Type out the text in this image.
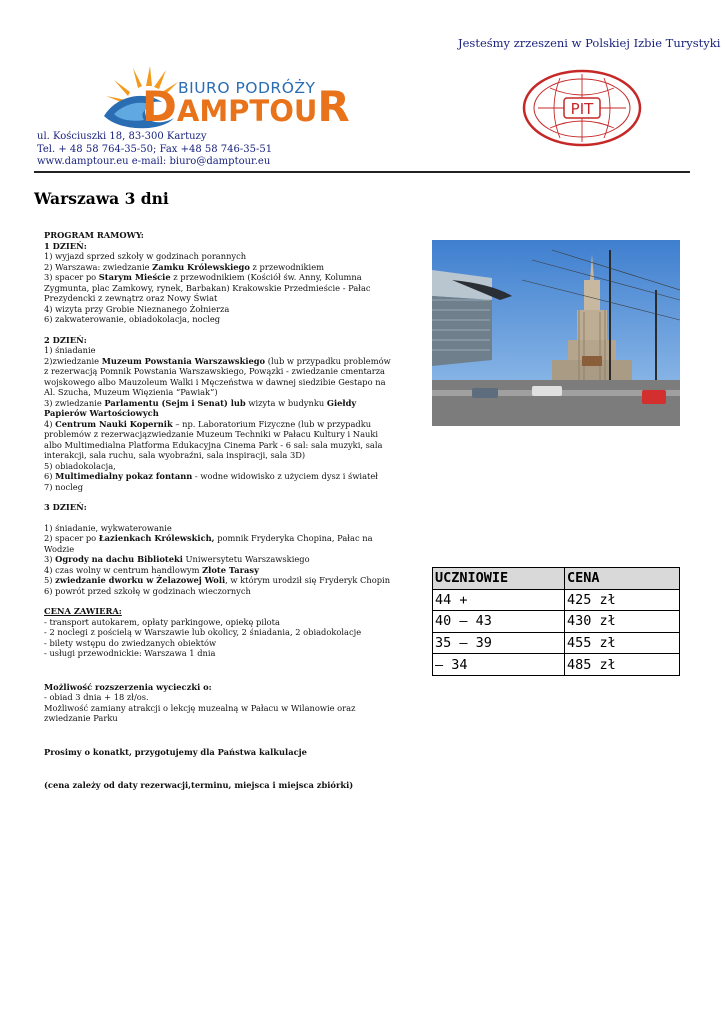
Jesteśmy zrzeszeni w Polskiej Izbie Turystyki
BIURO PODRÓŻY
DAMPTOUR	PIT
ul. Kościuszki 18, 83-300 Kartuzy
Tel. + 48 58 764-35-50; Fax +48 58 746-35-51
www.damptour.eu e-mail: biuro@damptour.eu
Warszawa 3 dni

PROGRAM RAMOWY:

1 DZIEŃ:

1) wyjazd sprzed szkoły w godzinach porannych

2) Warszawa: zwiedzanie Zamku Królewskiego z przewodnikiem

3) spacer po Starym Mieście z przewodnikiem (Kościół św. Anny, Kolumna Zygmunta, plac Zamkowy, rynek, Barbakan) Krakowskie Przedmieście - Pałac Prezydencki z zewnątrz oraz Nowy Świat

4) wizyta przy Grobie Nieznanego Żołnierza

6) zakwaterowanie, obiadokolacja, nocleg

2 DZIEŃ:

1) śniadanie

2)zwiedzanie Muzeum Powstania Warszawskiego (lub w przypadku problemów z rezerwacją Pomnik Powstania Warszawskiego, Powązki - zwiedzanie cmentarza wojskowego albo Mauzoleum Walki i Męczeństwa w dawnej siedzibie Gestapo na Al. Szucha, Muzeum Więzienia “Pawiak”)

3) zwiedzanie Parlamentu (Sejm i Senat) lub wizyta w budynku Giełdy Papierów Wartościowych

4) Centrum Nauki Kopernik – np. Laboratorium Fizyczne (lub w przypadku problemów z rezerwacjązwiedzanie Muzeum Techniki w Pałacu Kultury i Nauki albo Multimedialna Platforma Edukacyjna Cinema Park - 6 sal: sala muzyki, sala interakcji, sala ruchu, sala wyobraźni, sala inspiracji, sala 3D)

5) obiadokolacja,

6) Multimedialny pokaz fontann - wodne widowisko z użyciem dysz i świateł

7) nocleg

3 DZIEŃ:

1) śniadanie, wykwaterowanie

2) spacer po Łazienkach Królewskich, pomnik Fryderyka Chopina, Pałac na Wodzie

3) Ogrody na dachu Biblioteki Uniwersytetu Warszawskiego

4) czas wolny w centrum handlowym Złote Tarasy

5) zwiedzanie dworku w Żelazowej Woli, w którym urodził się Fryderyk Chopin

6) powrót przed szkołę w godzinach wieczornych

CENA ZAWIERA:

- transport autokarem, opłaty parkingowe, opiekę pilota

- 2 noclegi z pościelą w Warszawie lub okolicy, 2 śniadania, 2 obiadokolacje

- bilety wstępu do zwiedzanych obiektów

- usługi przewodnickie: Warszawa 1 dnia

Możliwość rozszerzenia wycieczki o:

- obiad 3 dnia + 18 zł/os.

Możliwość zamiany atrakcji o lekcję muzealną w Pałacu w Wilanowie oraz zwiedzanie Parku

Prosimy o konatkt, przygotujemy dla Państwa kalkulacje

(cena zależy od daty rezerwacji,terminu, miejsca i miejsca zbiórki)

UCZNIOWIE	CENA
44 +	425 zł
40 – 43	430 zł
35 – 39	455 zł
– 34	485 zł
